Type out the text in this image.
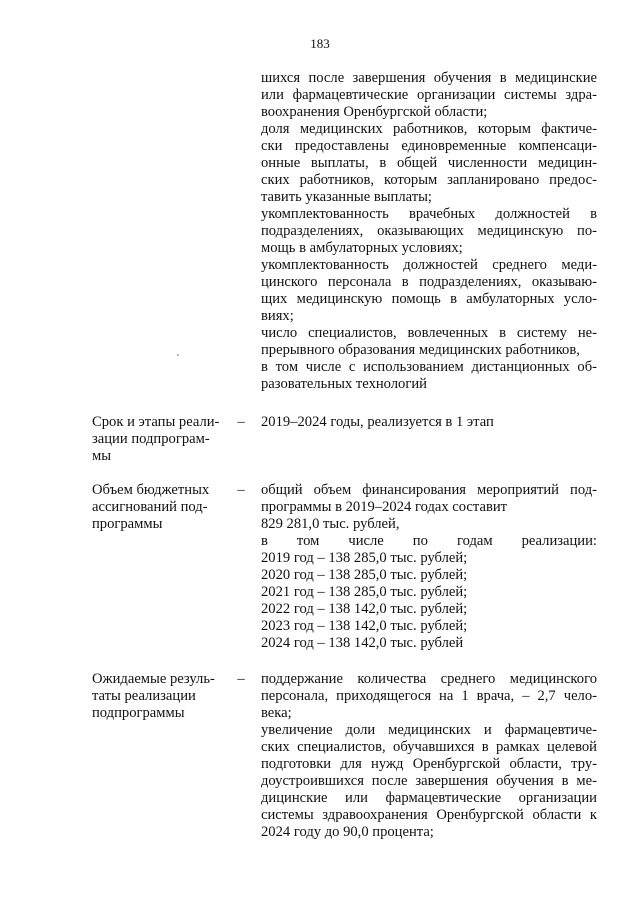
183
шихся после завершения обучения в медицинские
или фармацевтические организации системы здра-
воохранения Оренбургской области;
доля медицинских работников, которым фактиче-
ски предоставлены единовременные компенсаци-
онные выплаты, в общей численности медицин-
ских работников, которым запланировано предос-
тавить указанные выплаты;
укомплектованность врачебных должностей в
подразделениях, оказывающих медицинскую по-
мощь в амбулаторных условиях;
укомплектованность должностей среднего меди-
цинского персонала в подразделениях, оказываю-
щих медицинскую помощь в амбулаторных усло-
виях;
число специалистов, вовлеченных в систему не-
прерывного образования медицинских работников,
в том числе с использованием дистанционных об-
разовательных технологий
Срок и этапы реали-
зации подпрограм-
мы
– 2019–2024 годы, реализуется в 1 этап
Объем бюджетных
ассигнований под-
программы
– общий объем финансирования мероприятий под-
программы в 2019–2024 годах составит
829 281,0 тыс. рублей,
в том числе по годам реализации:
2019 год – 138 285,0 тыс. рублей;
2020 год – 138 285,0 тыс. рублей;
2021 год – 138 285,0 тыс. рублей;
2022 год – 138 142,0 тыс. рублей;
2023 год – 138 142,0 тыс. рублей;
2024 год – 138 142,0 тыс. рублей
Ожидаемые резуль-
таты реализации
подпрограммы
– поддержание количества среднего медицинского
персонала, приходящегося на 1 врача, – 2,7 чело-
века;
увеличение доли медицинских и фармацевтиче-
ских специалистов, обучавшихся в рамках целевой
подготовки для нужд Оренбургской области, тру-
доустроившихся после завершения обучения в ме-
дицинские или фармацевтические организации
системы здравоохранения Оренбургской области к
2024 году до 90,0 процента;
